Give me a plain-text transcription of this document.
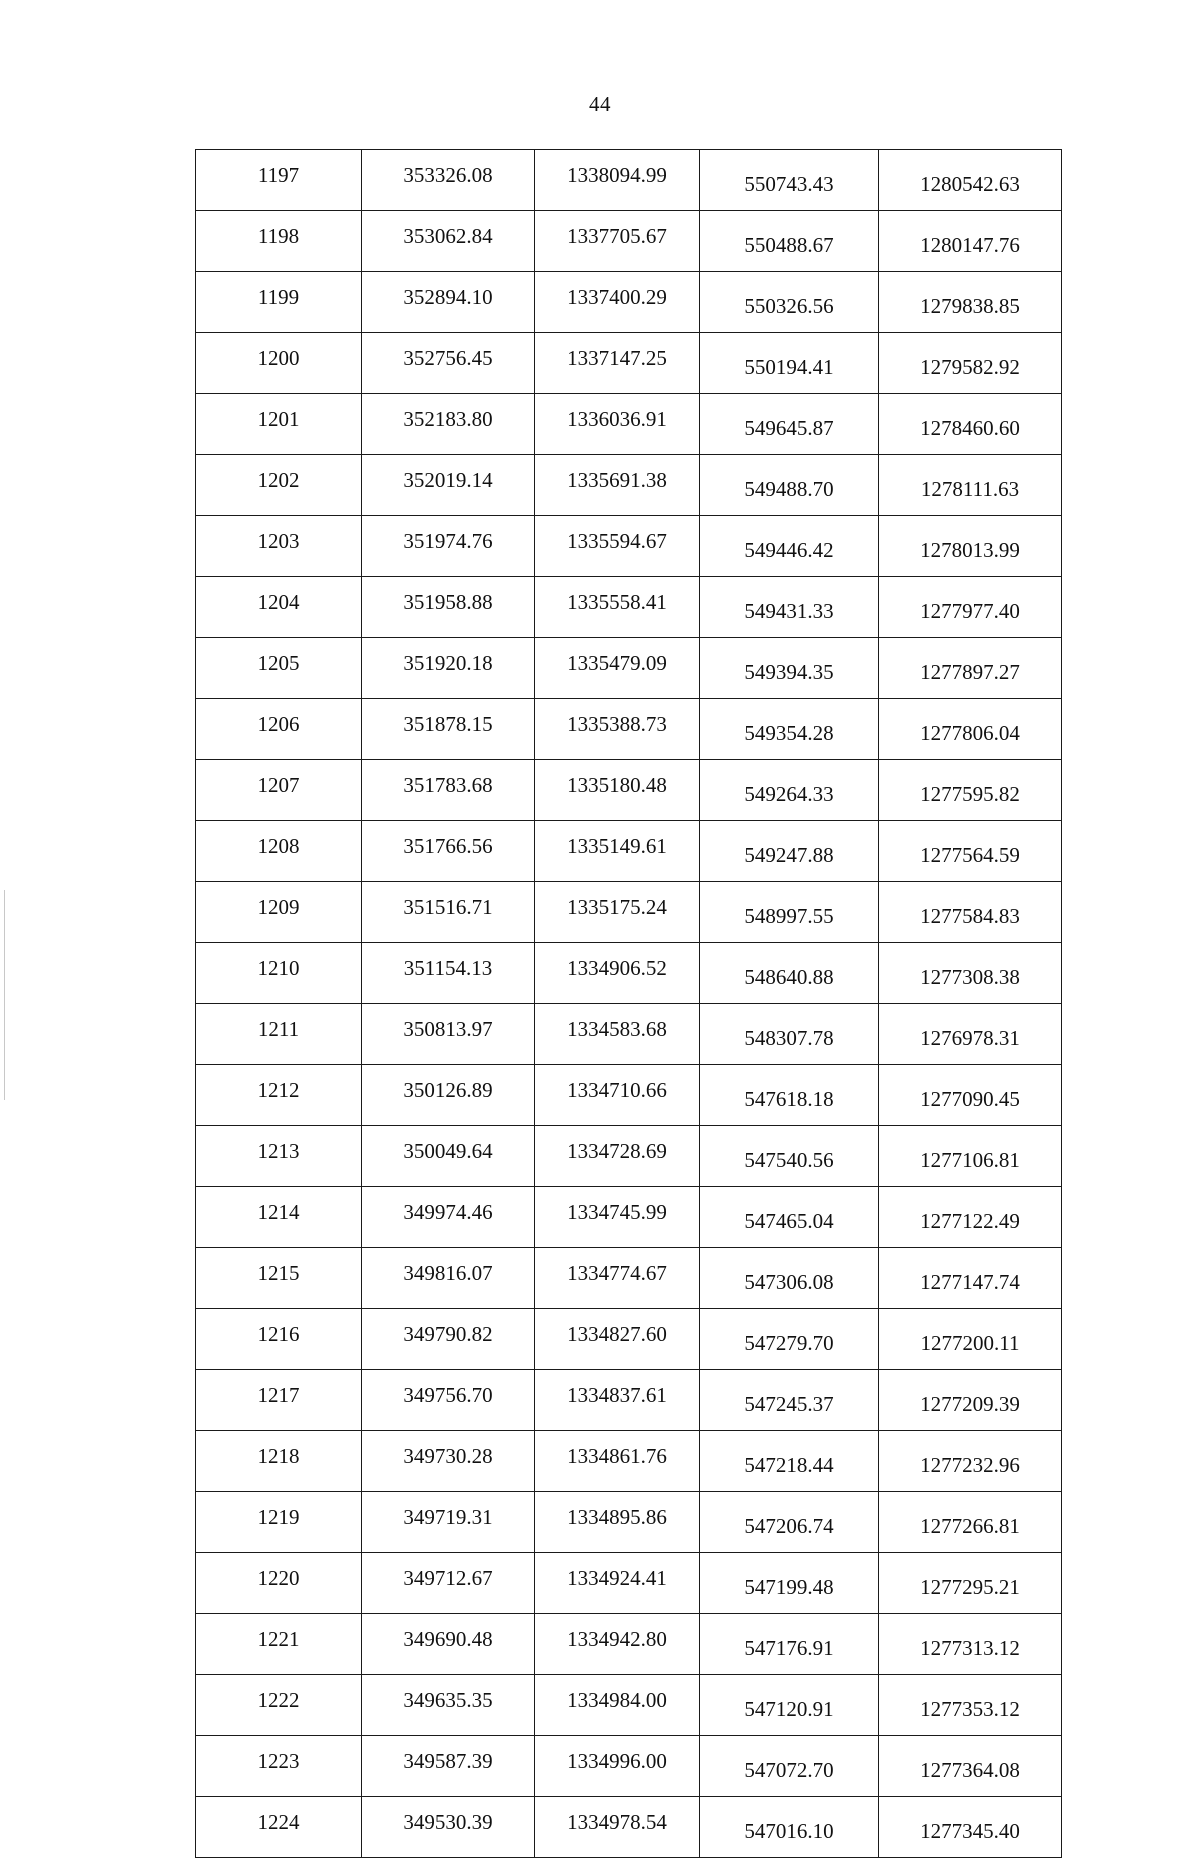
44
1197	353326.08	1338094.99	550743.43	1280542.63
1198	353062.84	1337705.67	550488.67	1280147.76
1199	352894.10	1337400.29	550326.56	1279838.85
1200	352756.45	1337147.25	550194.41	1279582.92
1201	352183.80	1336036.91	549645.87	1278460.60
1202	352019.14	1335691.38	549488.70	1278111.63
1203	351974.76	1335594.67	549446.42	1278013.99
1204	351958.88	1335558.41	549431.33	1277977.40
1205	351920.18	1335479.09	549394.35	1277897.27
1206	351878.15	1335388.73	549354.28	1277806.04
1207	351783.68	1335180.48	549264.33	1277595.82
1208	351766.56	1335149.61	549247.88	1277564.59
1209	351516.71	1335175.24	548997.55	1277584.83
1210	351154.13	1334906.52	548640.88	1277308.38
1211	350813.97	1334583.68	548307.78	1276978.31
1212	350126.89	1334710.66	547618.18	1277090.45
1213	350049.64	1334728.69	547540.56	1277106.81
1214	349974.46	1334745.99	547465.04	1277122.49
1215	349816.07	1334774.67	547306.08	1277147.74
1216	349790.82	1334827.60	547279.70	1277200.11
1217	349756.70	1334837.61	547245.37	1277209.39
1218	349730.28	1334861.76	547218.44	1277232.96
1219	349719.31	1334895.86	547206.74	1277266.81
1220	349712.67	1334924.41	547199.48	1277295.21
1221	349690.48	1334942.80	547176.91	1277313.12
1222	349635.35	1334984.00	547120.91	1277353.12
1223	349587.39	1334996.00	547072.70	1277364.08
1224	349530.39	1334978.54	547016.10	1277345.40
